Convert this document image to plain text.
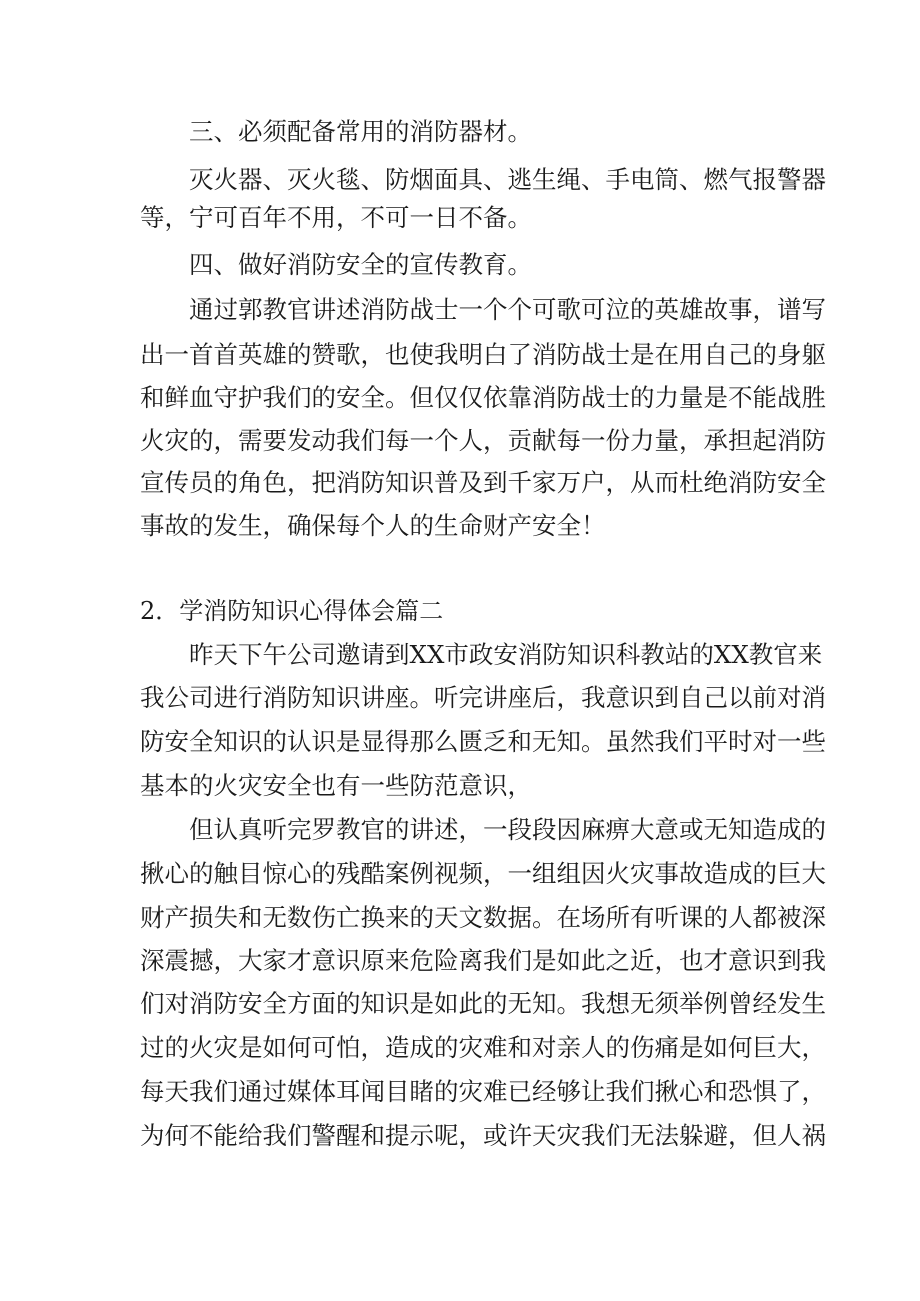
三、必须配备常用的消防器材。
灭火器、灭火毯、防烟面具、逃生绳、手电筒、燃气报警器
等，宁可百年不用，不可一日不备。
四、做好消防安全的宣传教育。
通过郭教官讲述消防战士一个个可歌可泣的英雄故事，谱写
出一首首英雄的赞歌，也使我明白了消防战士是在用自己的身躯
和鲜血守护我们的安全。但仅仅依靠消防战士的力量是不能战胜
火灾的，需要发动我们每一个人，贡献每一份力量，承担起消防
宣传员的角色，把消防知识普及到千家万户，从而杜绝消防安全
事故的发生，确保每个人的生命财产安全！
2．学消防知识心得体会篇二
昨天下午公司邀请到XX市政安消防知识科教站的XX教官来
我公司进行消防知识讲座。听完讲座后，我意识到自己以前对消
防安全知识的认识是显得那么匮乏和无知。虽然我们平时对一些
基本的火灾安全也有一些防范意识，
但认真听完罗教官的讲述，一段段因麻痹大意或无知造成的
揪心的触目惊心的残酷案例视频，一组组因火灾事故造成的巨大
财产损失和无数伤亡换来的天文数据。在场所有听课的人都被深
深震撼，大家才意识原来危险离我们是如此之近，也才意识到我
们对消防安全方面的知识是如此的无知。我想无须举例曾经发生
过的火灾是如何可怕，造成的灾难和对亲人的伤痛是如何巨大，
每天我们通过媒体耳闻目睹的灾难已经够让我们揪心和恐惧了，
为何不能给我们警醒和提示呢，或许天灾我们无法躲避，但人祸
